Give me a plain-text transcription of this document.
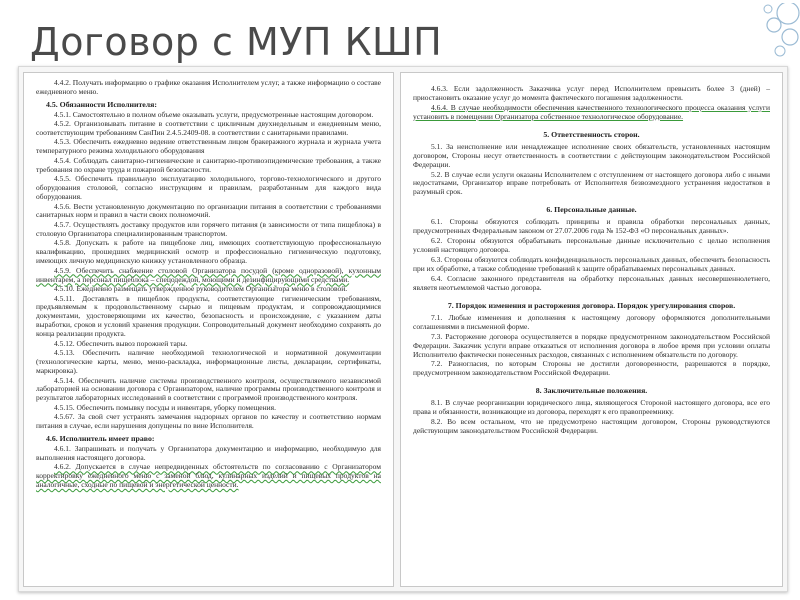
Договор с МУП КШП

4.4.2. Получать информацию о графике оказания Исполнителем услуг, а также информацию о составе ежедневного меню.

4.5. Обязанности Исполнителя:

4.5.1. Самостоятельно в полном объеме оказывать услуги, предусмотренные настоящим договором.

4.5.2. Организовывать питание в соответствии с цикличным двухнедельным и ежедневным меню, соответствующим требованиям СанПин 2.4.5.2409-08. в соответствии с санитарными правилами.

4.5.3. Обеспечить ежедневно ведение ответственным лицом бракеражного журнала и журнала учета температурного режима холодильного оборудования

4.5.4. Соблюдать санитарно-гигиенические и санитарно-противоэпидемические требования, а также требования по охране труда и пожарной безопасности.

4.5.5. Обеспечить правильную эксплуатацию холодильного, торгово-технологического и другого оборудования столовой, согласно инструкциям и правилам, разработанным для каждого вида оборудования.

4.5.6. Вести установленную документацию по организации питания в соответствии с требованиями санитарных норм и правил в части своих полномочий.

4.5.7. Осуществлять доставку продуктов или горячего питания (в зависимости от типа пищеблока) в столовую Организатора специализированным транспортом.

4.5.8. Допускать к работе на пищеблоке лиц, имеющих соответствующую профессиональную квалификацию, прошедших медицинский осмотр и профессионально гигиеническую подготовку, имеющих личную медицинскую книжку установленного образца.

4.5.9. Обеспечить снабжение столовой Организатора посудой (кроме одноразовой), кухонным инвентарем, а персонал пищеблока – спецодеждой, моющими и дезинфицирующими средствами.

4.5.10. Ежедневно размещать утвержденное руководителем Организатора меню в столовой.

4.5.11. Доставлять в пищеблок продукты, соответствующие гигиеническим требованиям, предъявляемым к продовольственному сырью и пищевым продуктам, и сопровождающимися документами, удостоверяющими их качество, безопасность и происхождение, с указанием даты выработки, сроков и условий хранения продукции. Сопроводительный документ необходимо сохранять до конца реализации продукта.

4.5.12. Обеспечить вывоз порожней тары.

4.5.13. Обеспечить наличие необходимой технологической и нормативной документации (технологические карты, меню, меню-раскладка, информационные листы, декларации, сертификаты, маркировка).

4.5.14. Обеспечить наличие системы производственного контроля, осуществляемого независимой лабораторией на основании договора с Организатором, наличие программы производственного контроля и результатов лабораторных исследований в соответствии с программой производственного контроля.

4.5.15. Обеспечить помывку посуды и инвентаря, уборку помещения.

4.5.67. За свой счет устранять замечания надзорных органов по качеству и соответствию нормам питания в случае, если нарушения допущены по вине Исполнителя.

4.6. Исполнитель имеет право:

4.6.1. Запрашивать и получать у Организатора документацию и информацию, необходимую для выполнения настоящего договора.

4.6.2. Допускается в случае непредвиденных обстоятельств по согласованию с Организатором корректировку ежедневного меню с заменой блюд, кулинарных изделий и пищевых продуктов на аналогичные, сходные по пищевой и энергетической ценности.

4.6.3. Если задолженность Заказчика услуг перед Исполнителем превысить более 3 (дней) – приостановить оказание услуг до момента фактического погашения задолженности.

4.6.4. В случае необходимости обеспечения качественного технологического процесса оказания услуги установить в помещении Организатора собственное технологическое оборудование.

5. Ответственность сторон.

5.1. За неисполнение или ненадлежащее исполнение своих обязательств, установленных настоящим договором, Стороны несут ответственность в соответствии с действующим законодательством Российской Федерации.

5.2. В случае если услуги оказаны Исполнителем с отступлением от настоящего договора либо с иными недостатками, Организатор вправе потребовать от Исполнителя безвозмездного устранения недостатков в разумный срок.

6. Персональные данные.

6.1. Стороны обязуются соблюдать принципы и правила обработки персональных данных, предусмотренных Федеральным законом от 27.07.2006 года № 152-ФЗ «О персональных данных».

6.2. Стороны обязуются обрабатывать персональные данные исключительно с целью исполнения условий настоящего договора.

6.3. Стороны обязуются соблюдать конфиденциальность персональных данных, обеспечить безопасность при их обработке, а также соблюдение требований к защите обрабатываемых персональных данных.

6.4. Согласие законного представителя на обработку персональных данных несовершеннолетнего, являетя неотъемлемой частью договора.

7. Порядок изменения и расторжения договора. Порядок урегулирования споров.

7.1. Любые изменения и дополнения к настоящему договору оформляются дополнительными соглашениями в письменной форме.

7.3. Расторжение договора осуществляется в порядке предусмотренном законодательством Российской Федерации. Заказчик услуги вправе отказаться от исполнения договора в любое время при условии оплаты Исполнителю фактически понесенных расходов, связанных с исполнением обязательств по договору.

7.2. Разногласия, по которым Стороны не достигли договоренности, разрешаются в порядке, предусмотренном законодательством Российской Федерации.

8. Заключительные положения.

8.1. В случае реорганизации юридического лица, являющегося Стороной настоящего договора, все его права и обязанности, возникающие из договора, переходят к его правопреемнику.

8.2. Во всем остальном, что не предусмотрено настоящим договором, Стороны руководствуются действующим законодательством Российской Федерации.
